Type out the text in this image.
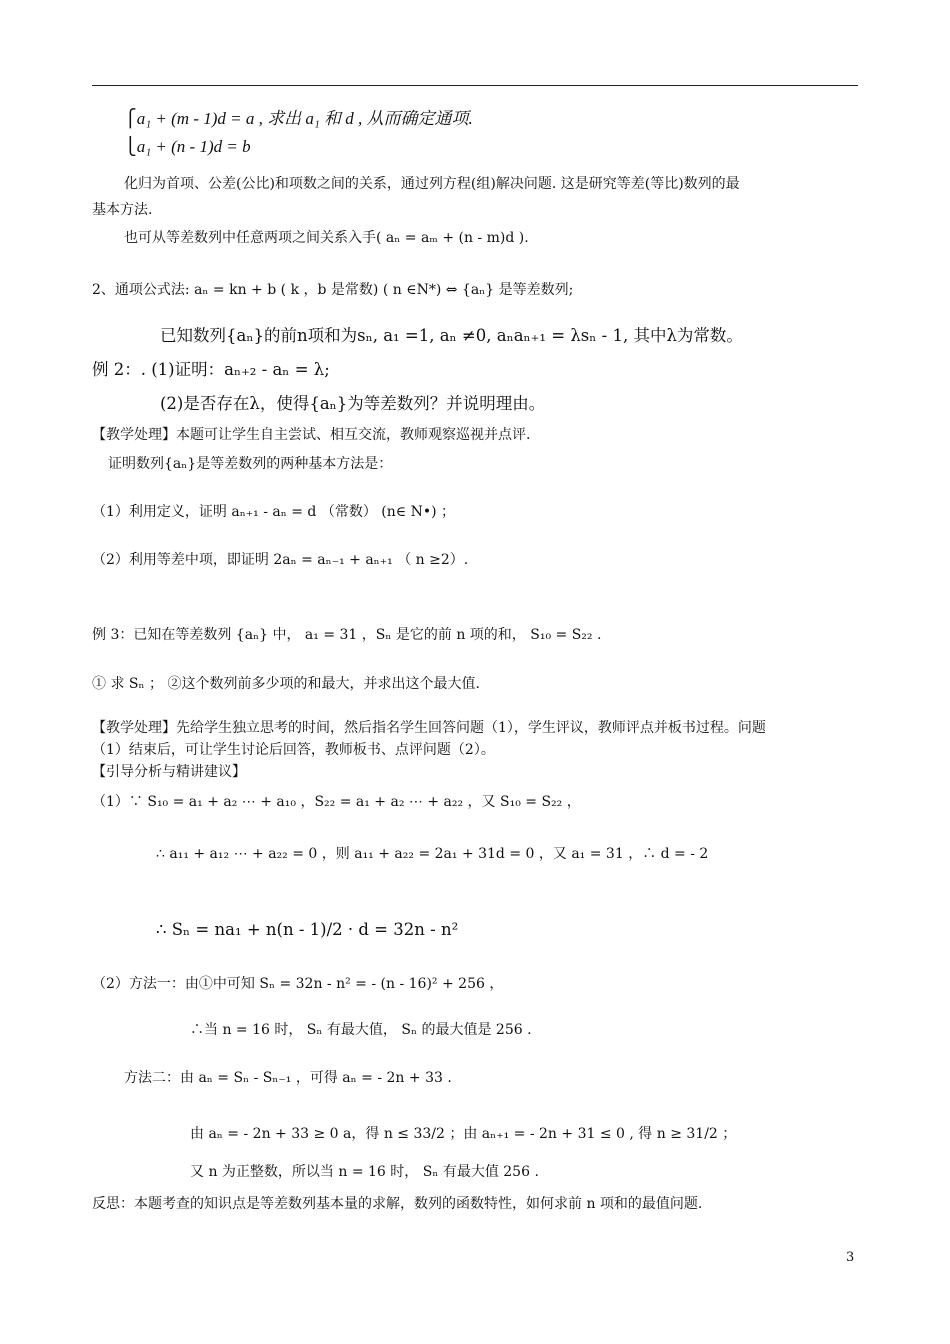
⎧a₁ + (m - 1)d = a , 求出 a₁ 和 d , 从而确定通项.
⎩a₁ + (n - 1)d = b
化归为首项、公差(公比)和项数之间的关系，通过列方程(组)解决问题. 这是研究等差(等比)数列的最
基本方法.
也可从等差数列中任意两项之间关系入手( aₙ = aₘ + (n - m)d ).
2、通项公式法: aₙ = kn + b ( k ，b 是常数) ( n ∈N*) ⇔ {aₙ} 是等差数列;
已知数列{aₙ}的前n项和为sₙ, a₁ =1, aₙ ≠0, aₙaₙ₊₁ = λsₙ - 1, 其中λ为常数。
例 2：. (1)证明：aₙ₊₂ - aₙ = λ;
(2)是否存在λ，使得{aₙ}为等差数列？并说明理由。
【教学处理】本题可让学生自主尝试、相互交流，教师观察巡视并点评.
证明数列{aₙ}是等差数列的两种基本方法是：
（1）利用定义，证明 aₙ₊₁ - aₙ = d （常数） (n∈ N•) ；
（2）利用等差中项，即证明 2aₙ = aₙ₋₁ + aₙ₊₁ （ n ≥2）.
例 3：已知在等差数列 {aₙ} 中， a₁ = 31 ，Sₙ 是它的前 n 项的和， S₁₀ = S₂₂ .
① 求 Sₙ ； ②这个数列前多少项的和最大，并求出这个最大值.
【教学处理】先给学生独立思考的时间，然后指名学生回答问题（1），学生评议，教师评点并板书过程。问题
（1）结束后，可让学生讨论后回答，教师板书、点评问题（2）。
【引导分析与精讲建议】
（1）∵ S₁₀ = a₁ + a₂ ⋯ + a₁₀ ，S₂₂ = a₁ + a₂ ⋯ + a₂₂ ，又 S₁₀ = S₂₂ ，
∴ a₁₁ + a₁₂ ⋯ + a₂₂ = 0 ，则 a₁₁ + a₂₂ = 2a₁ + 31d = 0 ，又 a₁ = 31 ，∴ d = - 2
∴ Sₙ = na₁ + n(n - 1)/2 · d = 32n - n²
（2）方法一：由①中可知 Sₙ = 32n - n² = - (n - 16)² + 256 ，
∴当 n = 16 时， Sₙ 有最大值， Sₙ 的最大值是 256 .
方法二：由 aₙ = Sₙ - Sₙ₋₁ ，可得 aₙ = - 2n + 33 .
由 aₙ = - 2n + 33 ≥ 0 a，得 n ≤ 33/2 ；由 aₙ₊₁ = - 2n + 31 ≤ 0 , 得 n ≥ 31/2 ；
又 n 为正整数，所以当 n = 16 时， Sₙ 有最大值 256 .
反思：本题考查的知识点是等差数列基本量的求解，数列的函数特性，如何求前 n 项和的最值问题.
3
